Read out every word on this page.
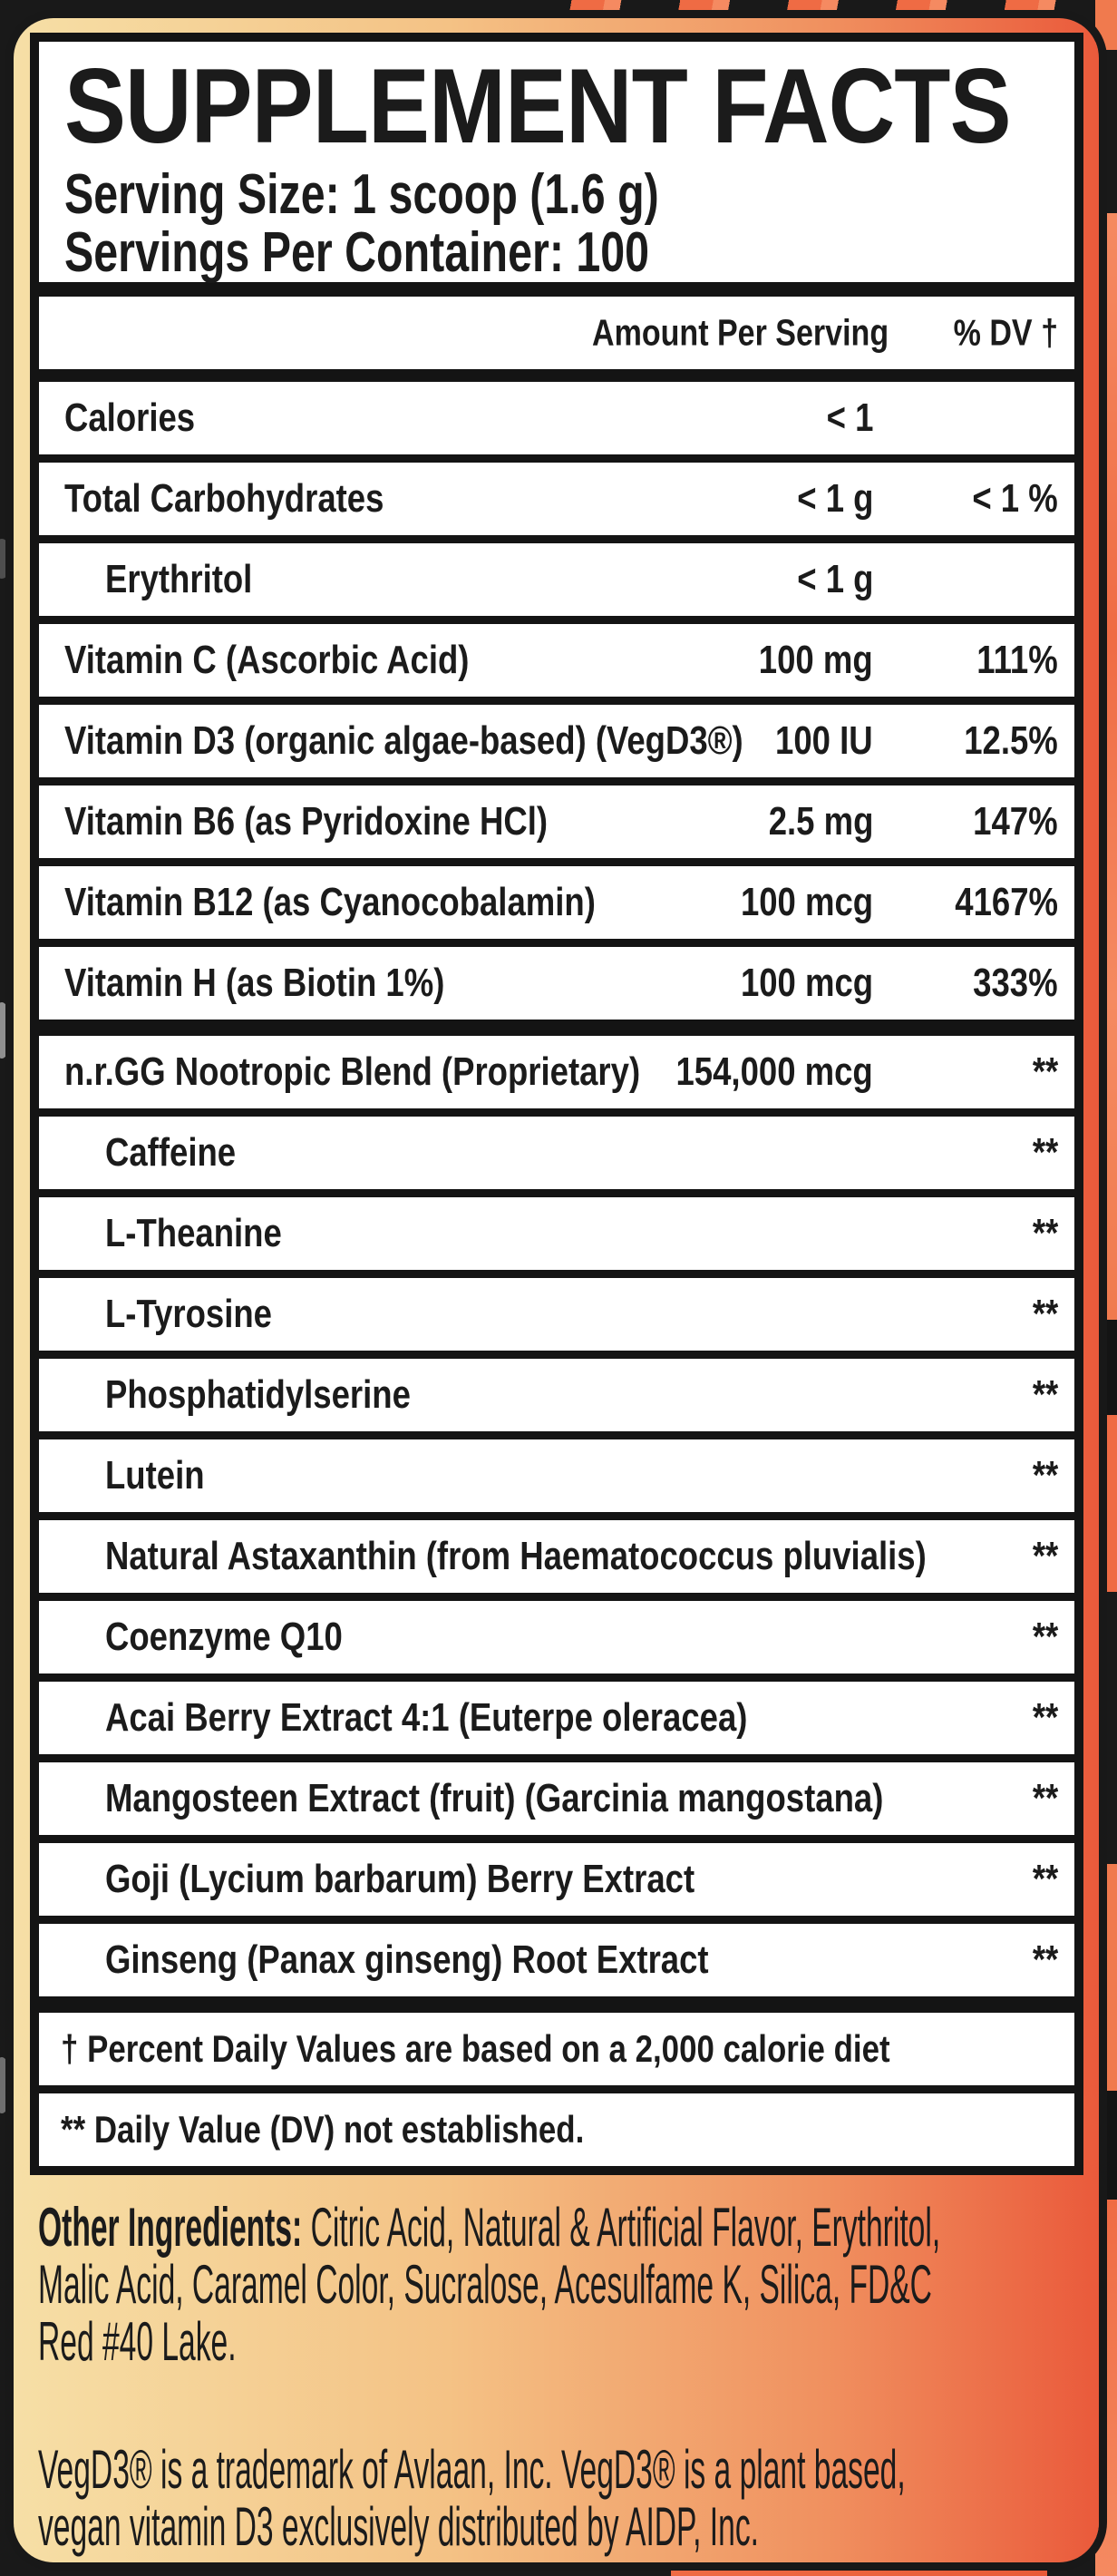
SUPPLEMENT FACTS
Serving Size: 1 scoop (1.6 g)
Servings Per Container: 100
Amount Per Serving % DV †
Calories	< 1
Total Carbohydrates	< 1 g < 1 %
Erythritol	< 1 g
Vitamin C (Ascorbic Acid)	100 mg	111%
Vitamin D3 (organic algae-based) (VegD3®) 100 IU 12.5%
Vitamin B6 (as Pyridoxine HCl)	2.5 mg	147%
Vitamin B12 (as Cyanocobalamin)	100 mcg 4167%
Vitamin H (as Biotin 1%)	100 mcg	333%
n.r.GG Nootropic Blend (Proprietary) 154,000 mcg	**
Caffeine	**
L-Theanine	**
L-Tyrosine	**
Phosphatidylserine	**
Lutein	**
Natural Astaxanthin (from Haematococcus pluvialis)	**
Coenzyme Q10	**
Acai Berry Extract 4:1 (Euterpe oleracea)	**
Mangosteen Extract (fruit) (Garcinia mangostana)	**
Goji (Lycium barbarum) Berry Extract	**
Ginseng (Panax ginseng) Root Extract	**
† Percent Daily Values are based on a 2,000 calorie diet
** Daily Value (DV) not established.
Other Ingredients: Citric Acid, Natural & Artificial Flavor, Erythritol,
Malic Acid, Caramel Color, Sucralose, Acesulfame K, Silica, FD&C
Red #40 Lake.
VegD3® is a trademark of Avlaan, Inc. VegD3® is a plant based,
vegan vitamin D3 exclusively distributed by AIDP, Inc.
